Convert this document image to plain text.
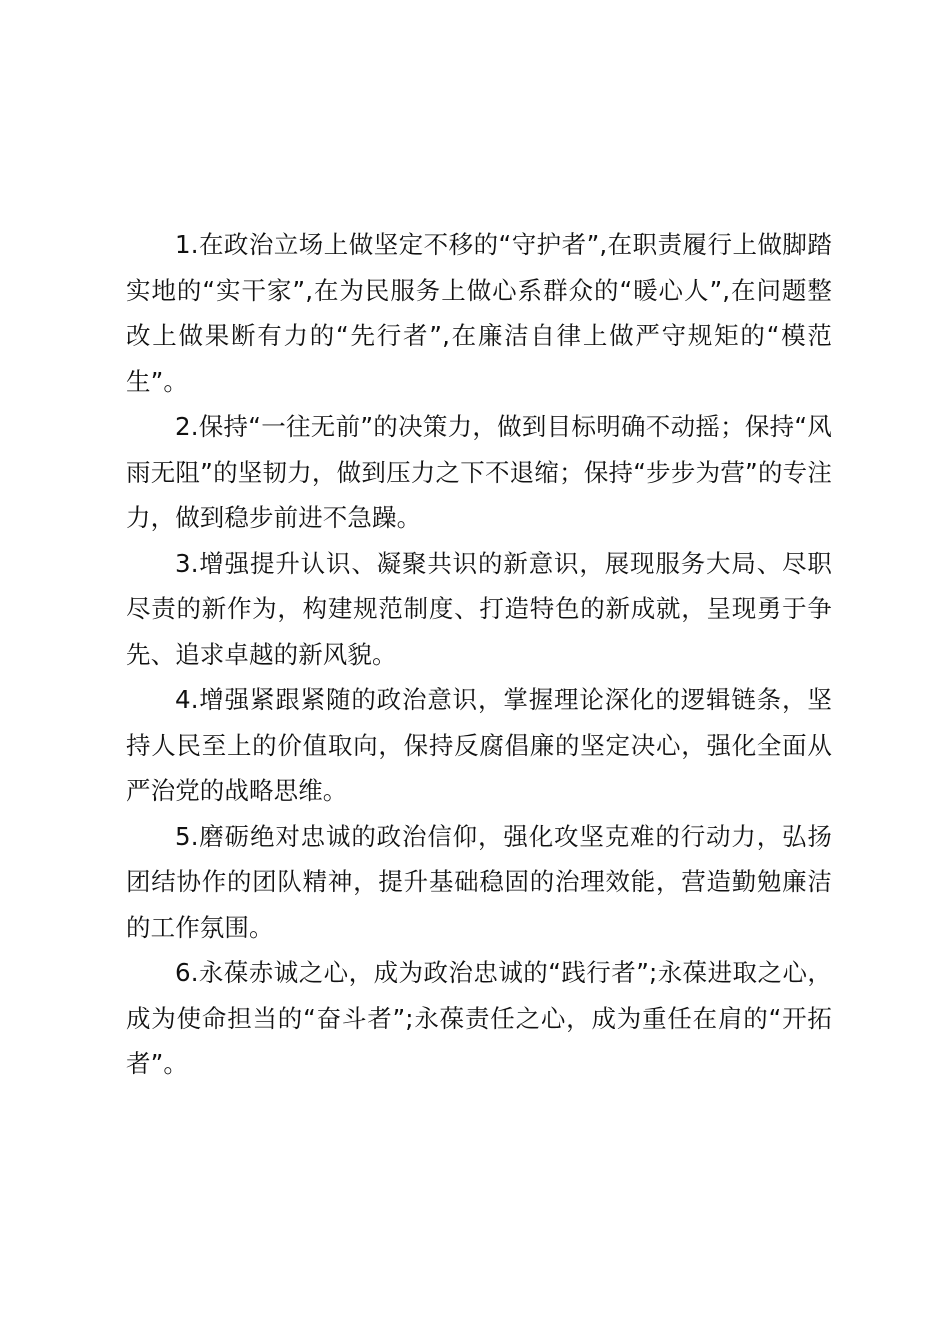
1.在政治立场上做坚定不移的“守护者”,在职责履行上做脚踏实地的“实干家”,在为民服务上做心系群众的“暖心人”,在问题整改上做果断有力的“先行者”,在廉洁自律上做严守规矩的“模范生”。

2.保持“一往无前”的决策力，做到目标明确不动摇；保持“风雨无阻”的坚韧力，做到压力之下不退缩；保持“步步为营”的专注力，做到稳步前进不急躁。

3.增强提升认识、凝聚共识的新意识，展现服务大局、尽职尽责的新作为，构建规范制度、打造特色的新成就，呈现勇于争先、追求卓越的新风貌。

4.增强紧跟紧随的政治意识，掌握理论深化的逻辑链条，坚持人民至上的价值取向，保持反腐倡廉的坚定决心，强化全面从严治党的战略思维。

5.磨砺绝对忠诚的政治信仰，强化攻坚克难的行动力，弘扬团结协作的团队精神，提升基础稳固的治理效能，营造勤勉廉洁的工作氛围。

6.永葆赤诚之心，成为政治忠诚的“践行者”;永葆进取之心，成为使命担当的“奋斗者”;永葆责任之心，成为重任在肩的“开拓者”。
